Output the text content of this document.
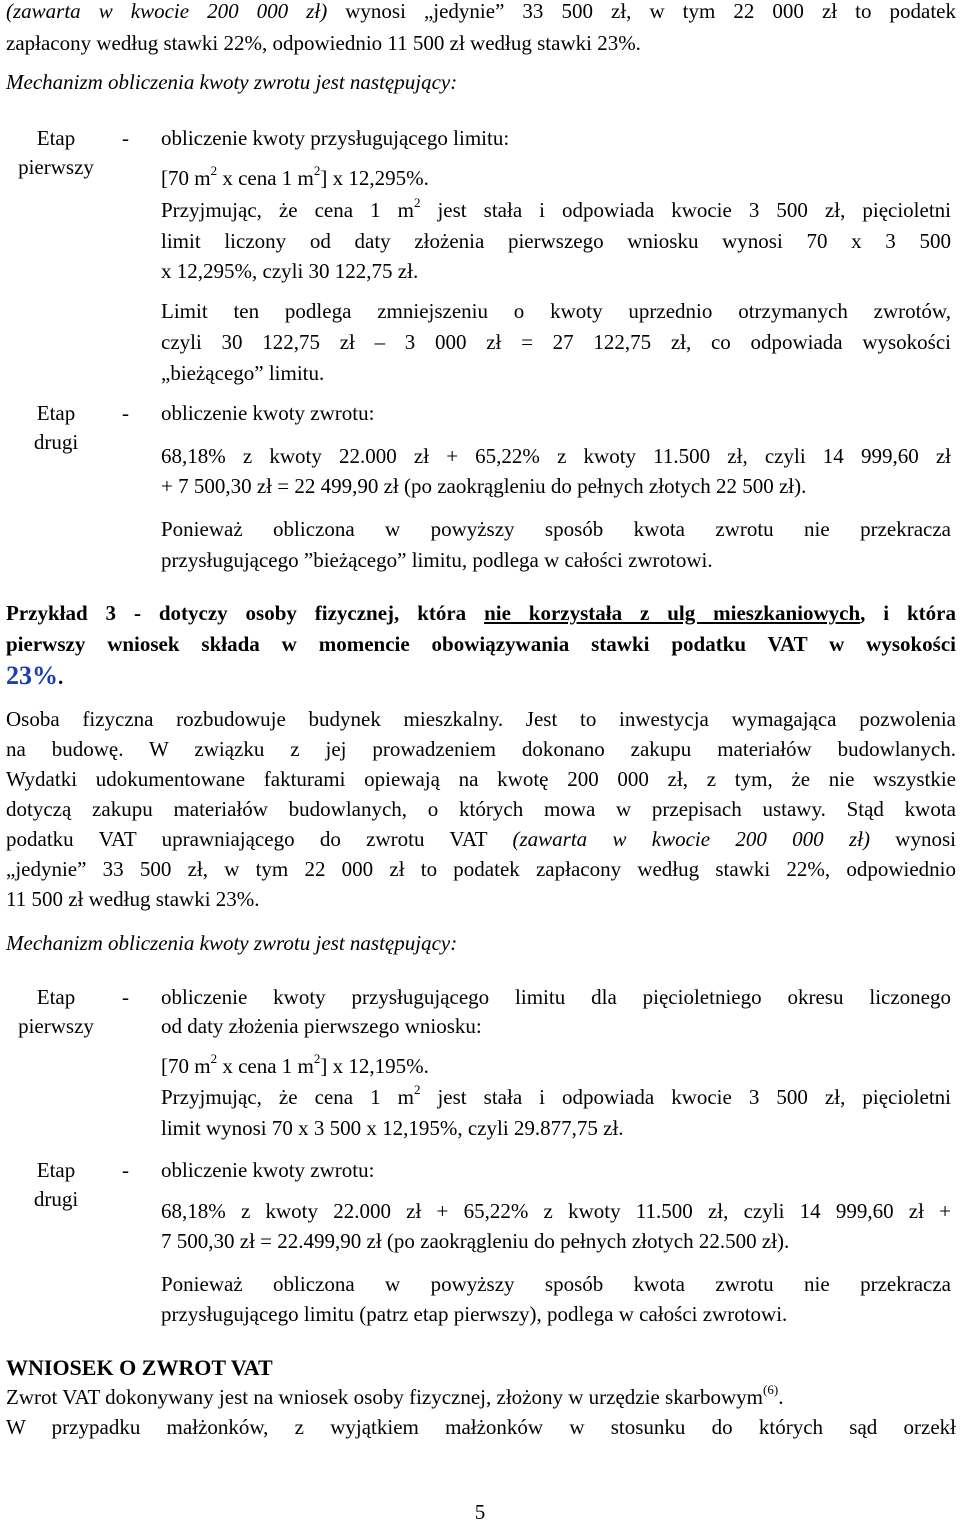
(zawarta w kwocie 200 000 zł) wynosi „jedynie” 33 500 zł, w tym 22 000 zł to podatek
zapłacony według stawki 22%, odpowiednio 11 500 zł według stawki 23%.
Mechanizm obliczenia kwoty zwrotu jest następujący:
Etap
pierwszy
- obliczenie kwoty przysługującego limitu:
[70 $m^2$ x cena 1 $m^2$] x 12,295%.
Przyjmując, że cena 1 $m^2$ jest stała i odpowiada kwocie 3 500 zł, pięcioletni
limit liczony od daty złożenia pierwszego wniosku wynosi 70 x 3 500
x 12,295%, czyli 30 122,75 zł.
Limit ten podlega zmniejszeniu o kwoty uprzednio otrzymanych zwrotów,
czyli 30 122,75 zł – 3 000 zł = 27 122,75 zł, co odpowiada wysokości
„bieżącego” limitu.
Etap
drugi
- obliczenie kwoty zwrotu:
68,18% z kwoty 22.000 zł + 65,22% z kwoty 11.500 zł, czyli 14 999,60 zł
+ 7 500,30 zł = 22 499,90 zł (po zaokrągleniu do pełnych złotych 22 500 zł).
Ponieważ obliczona w powyższy sposób kwota zwrotu nie przekracza
przysługującego ”bieżącego” limitu, podlega w całości zwrotowi.
Przykład 3 - dotyczy osoby fizycznej, która nie korzystała z ulg mieszkaniowych, i która
pierwszy wniosek składa w momencie obowiązywania stawki podatku VAT w wysokości
23%.
Osoba fizyczna rozbudowuje budynek mieszkalny. Jest to inwestycja wymagająca pozwolenia
na budowę. W związku z jej prowadzeniem dokonano zakupu materiałów budowlanych.
Wydatki udokumentowane fakturami opiewają na kwotę 200 000 zł, z tym, że nie wszystkie
dotyczą zakupu materiałów budowlanych, o których mowa w przepisach ustawy. Stąd kwota
podatku VAT uprawniającego do zwrotu VAT (zawarta w kwocie 200 000 zł) wynosi
„jedynie” 33 500 zł, w tym 22 000 zł to podatek zapłacony według stawki 22%, odpowiednio
11 500 zł według stawki 23%.
Mechanizm obliczenia kwoty zwrotu jest następujący:
Etap
pierwszy
- obliczenie kwoty przysługującego limitu dla pięcioletniego okresu liczonego
od daty złożenia pierwszego wniosku:
[70 $m^2$ x cena 1 $m^2$] x 12,195%.
Przyjmując, że cena 1 $m^2$ jest stała i odpowiada kwocie 3 500 zł, pięcioletni
limit wynosi 70 x 3 500 x 12,195%, czyli 29.877,75 zł.
Etap
drugi
- obliczenie kwoty zwrotu:
68,18% z kwoty 22.000 zł + 65,22% z kwoty 11.500 zł, czyli 14 999,60 zł +
7 500,30 zł = 22.499,90 zł (po zaokrągleniu do pełnych złotych 22.500 zł).
Ponieważ obliczona w powyższy sposób kwota zwrotu nie przekracza
przysługującego limitu (patrz etap pierwszy), podlega w całości zwrotowi.
WNIOSEK O ZWROT VAT
Zwrot VAT dokonywany jest na wniosek osoby fizycznej, złożony w urzędzie skarbowym$^{(6)}$.
W przypadku małżonków, z wyjątkiem małżonków w stosunku do których sąd orzekł
5
